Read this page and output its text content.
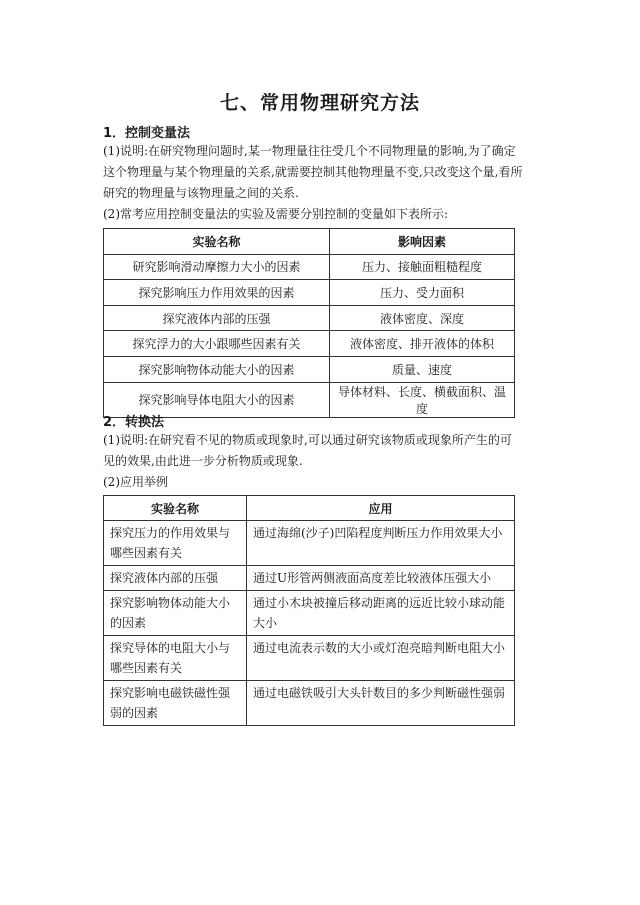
七、常用物理研究方法
1．控制变量法

(1)说明:在研究物理问题时,某一物理量往往受几个不同物理量的影响,为了确定这个物理量与某个物理量的关系,就需要控制其他物理量不变,只改变这个量,看所研究的物理量与该物理量之间的关系.

(2)常考应用控制变量法的实验及需要分别控制的变量如下表所示:

实验名称	影响因素
研究影响滑动摩擦力大小的因素	压力、接触面粗糙程度
探究影响压力作用效果的因素	压力、受力面积
探究液体内部的压强	液体密度、深度
探究浮力的大小跟哪些因素有关	液体密度、排开液体的体积
探究影响物体动能大小的因素	质量、速度
探究影响导体电阻大小的因素	导体材料、长度、横截面积、温度
2．转换法

(1)说明:在研究看不见的物质或现象时,可以通过研究该物质或现象所产生的可见的效果,由此进一步分析物质或现象.

(2)应用举例

实验名称	应用
探究压力的作用效果与哪些因素有关	通过海绵(沙子)凹陷程度判断压力作用效果大小
探究液体内部的压强	通过U形管两侧液面高度差比较液体压强大小
探究影响物体动能大小的因素	通过小木块被撞后移动距离的远近比较小球动能大小
探究导体的电阻大小与哪些因素有关	通过电流表示数的大小或灯泡亮暗判断电阻大小
探究影响电磁铁磁性强弱的因素	通过电磁铁吸引大头针数目的多少判断磁性强弱
